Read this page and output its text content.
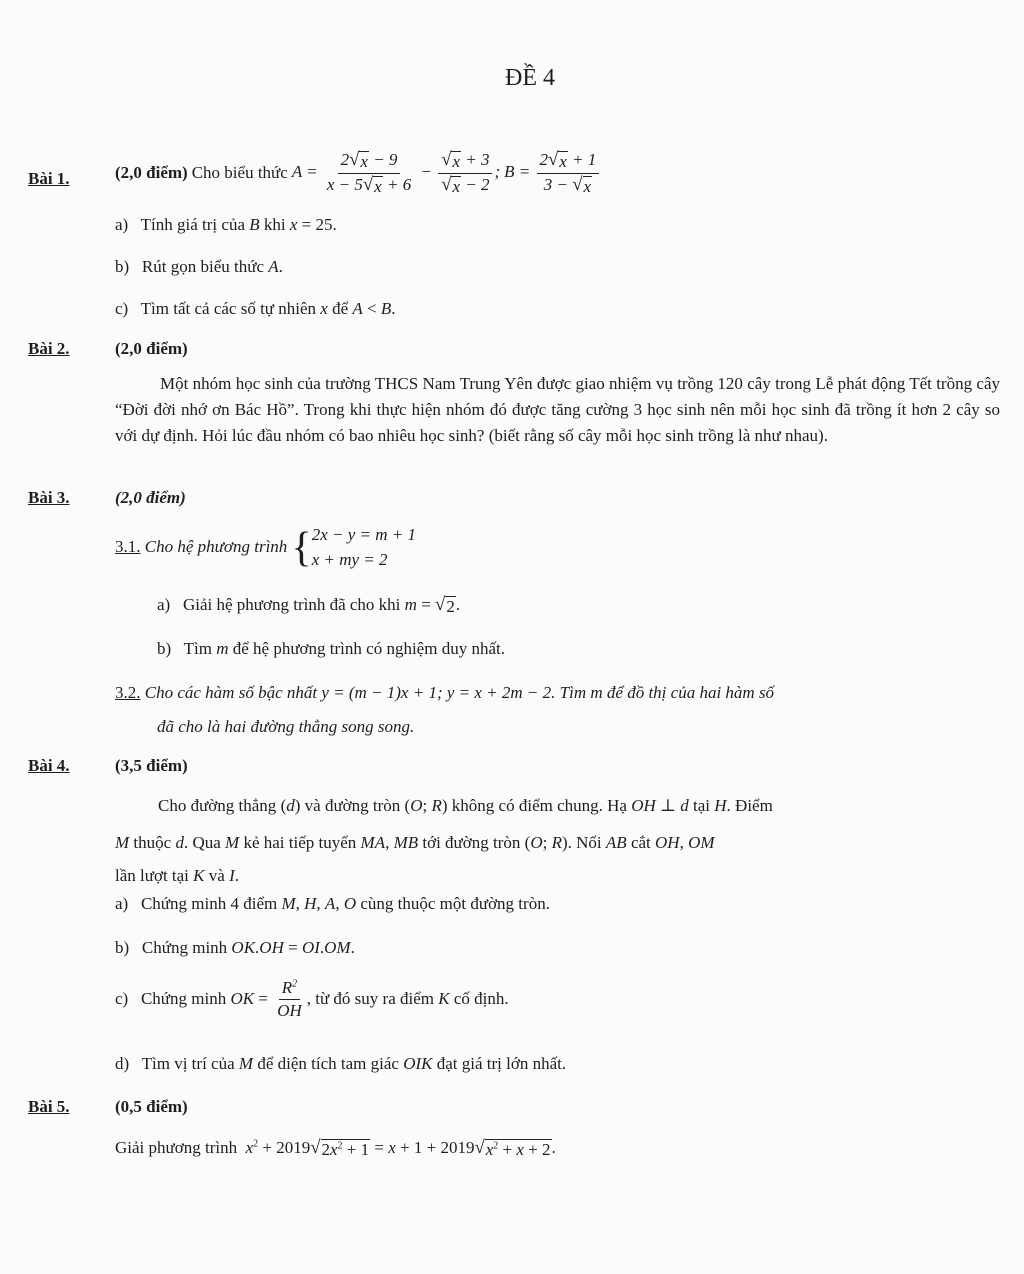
ĐỀ 4
Bài 1.	(2,0 điểm) Cho biểu thức $A = \frac{2 √ x - 9}{x - 5 √ x + 6} - \frac{√ x + 3}{√ x - 2}$ ; $B = \frac{2 √ x + 1}{3 - √ x}$
a) Tính giá trị của B khi x = 25.
b) Rút gọn biểu thức A.
c) Tìm tất cả các số tự nhiên x để A < B.
Bài 2.	(2,0 điểm)
Một nhóm học sinh của trường THCS Nam Trung Yên được giao nhiệm vụ trồng 120 cây trong Lễ phát động Tết trồng cây “Đời đời nhớ ơn Bác Hồ”. Trong khi thực hiện nhóm đó được tăng cường 3 học sinh nên mỗi học sinh đã trồng ít hơn 2 cây so với dự định. Hỏi lúc đầu nhóm có bao nhiêu học sinh? (biết rằng số cây mỗi học sinh trồng là như nhau).
Bài 3.	(2,0 điểm)
3.1.
Cho hệ phương trình
{ 2x − y = m + 1
x + my = 2
a) Giải hệ phương trình đã cho khi m = √ 2 .
b) Tìm m để hệ phương trình có nghiệm duy nhất.
3.2. Cho các hàm số bậc nhất y = (m − 1)x + 1; y = x + 2m − 2. Tìm m để đồ thị của hai hàm số
đã cho là hai đường thẳng song song.
Bài 4.	(3,5 điểm)
Cho đường thẳng (d) và đường tròn (O; R) không có điểm chung. Hạ OH ⊥ d tại H. Điểm
M thuộc d. Qua M kẻ hai tiếp tuyến MA, MB tới đường tròn (O; R). Nối AB cắt OH, OM
lần lượt tại K và I.
a) Chứng minh 4 điểm M, H, A, O cùng thuộc một đường tròn.
b) Chứng minh OK.OH = OI.OM.
c)
Chứng minh
OK = $\frac{R^2}{OH}$ , từ đó suy ra điểm
K
cố định.
d) Tìm vị trí của M để diện tích tam giác OIK đạt giá trị lớn nhất.
Bài 5.	(0,5 điểm)
Giải phương trình $x^2 + 2019$ √ $2x^2 + 1 = x + 1 + 2019$ √ $x^2 + x + 2$ .
